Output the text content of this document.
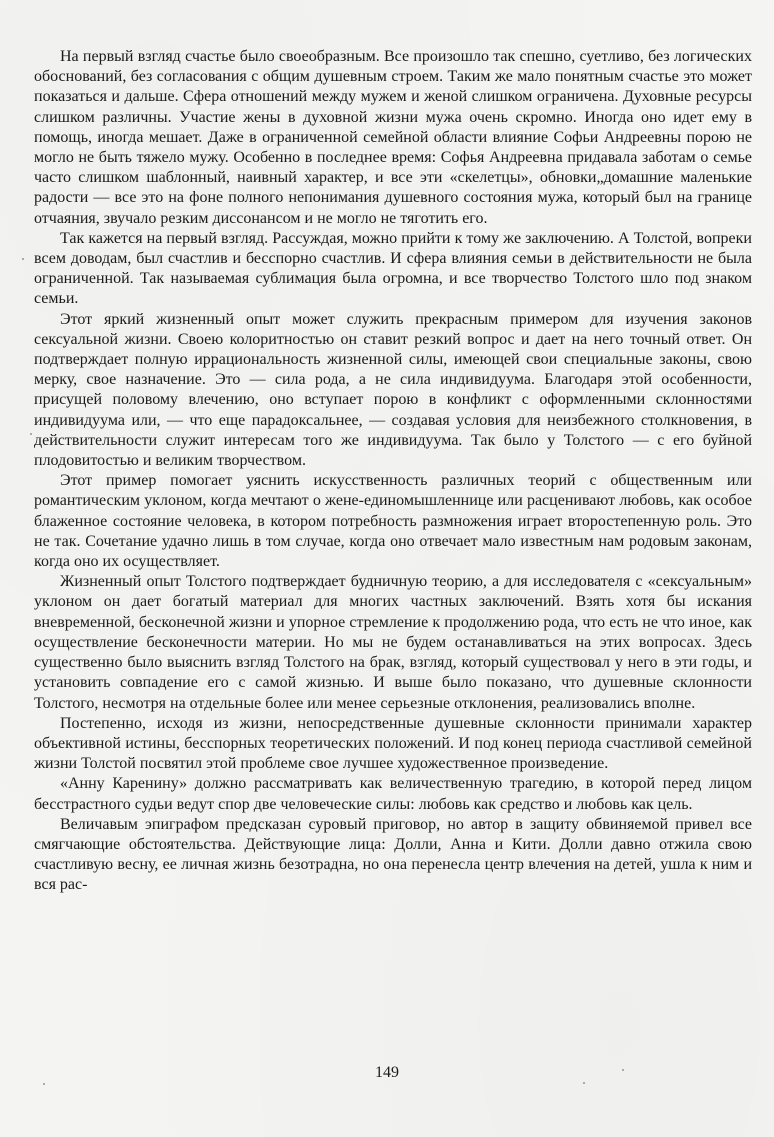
На первый взгляд счастье было своеобразным. Все произошло так спешно, суетливо, без логических обоснований, без согласования с общим душевным строем. Таким же мало понятным счастье это может показаться и дальше. Сфера отношений между мужем и женой слишком ограничена. Духовные ресурсы слишком различны. Участие жены в духовной жизни мужа очень скромно. Иногда оно идет ему в помощь, иногда мешает. Даже в ограниченной семейной области влияние Софьи Андреевны порою не могло не быть тяжело мужу. Особенно в последнее время: Софья Андреевна придавала заботам о семье часто слишком шаблонный, наивный характер, и все эти «скелетцы», обновки„домашние маленькие радости — все это на фоне полного непонимания душевного состояния мужа, который был на границе отчаяния, звучало резким диссонансом и не могло не тяготить его.

Так кажется на первый взгляд. Рассуждая, можно прийти к тому же заключению. А Толстой, вопреки всем доводам, был счастлив и бесспорно счастлив. И сфера влияния семьи в действительности не была ограниченной. Так называемая сублимация была огромна, и все творчество Толстого шло под знаком семьи.

Этот яркий жизненный опыт может служить прекрасным примером для изучения законов сексуальной жизни. Своею колоритностью он ставит резкий вопрос и дает на него точный ответ. Он подтверждает полную иррациональность жизненной силы, имеющей свои специальные законы, свою мерку, свое назначение. Это — сила рода, а не сила индивидуума. Благодаря этой особенности, присущей половому влечению, оно вступает порою в конфликт с оформленными склонностями индивидуума или, — что еще парадоксальнее, — создавая условия для неизбежного столкновения, в действительности служит интересам того же индивидуума. Так было у Толстого — с его буйной плодовитостью и великим творчеством.

Этот пример помогает уяснить искусственность различных теорий с общественным или романтическим уклоном, когда мечтают о жене-единомышленнице или расценивают любовь, как особое блаженное состояние человека, в котором потребность размножения играет второстепенную роль. Это не так. Сочетание удачно лишь в том случае, когда оно отвечает мало известным нам родовым законам, когда оно их осуществляет.

Жизненный опыт Толстого подтверждает будничную теорию, а для исследователя с «сексуальным» уклоном он дает богатый материал для многих частных заключений. Взять хотя бы искания вневременной, бесконечной жизни и упорное стремление к продолжению рода, что есть не что иное, как осуществление бесконечности материи. Но мы не будем останавливаться на этих вопросах. Здесь существенно было выяснить взгляд Толстого на брак, взгляд, который существовал у него в эти годы, и установить совпадение его с самой жизнью. И выше было показано, что душевные склонности Толстого, несмотря на отдельные более или менее серьезные отклонения, реализовались вполне.

Постепенно, исходя из жизни, непосредственные душевные склонности принимали характер объективной истины, бесспорных теоретических положений. И под конец периода счастливой семейной жизни Толстой посвятил этой проблеме свое лучшее художественное произведение.

«Анну Каренину» должно рассматривать как величественную трагедию, в которой перед лицом бесстрастного судьи ведут спор две человеческие силы: любовь как средство и любовь как цель.

Величавым эпиграфом предсказан суровый приговор, но автор в защиту обвиняемой привел все смягчающие обстоятельства. Действующие лица: Долли, Анна и Кити. Долли давно отжила свою счастливую весну, ее личная жизнь безотрадна, но она перенесла центр влечения на детей, ушла к ним и вся рас-

149
